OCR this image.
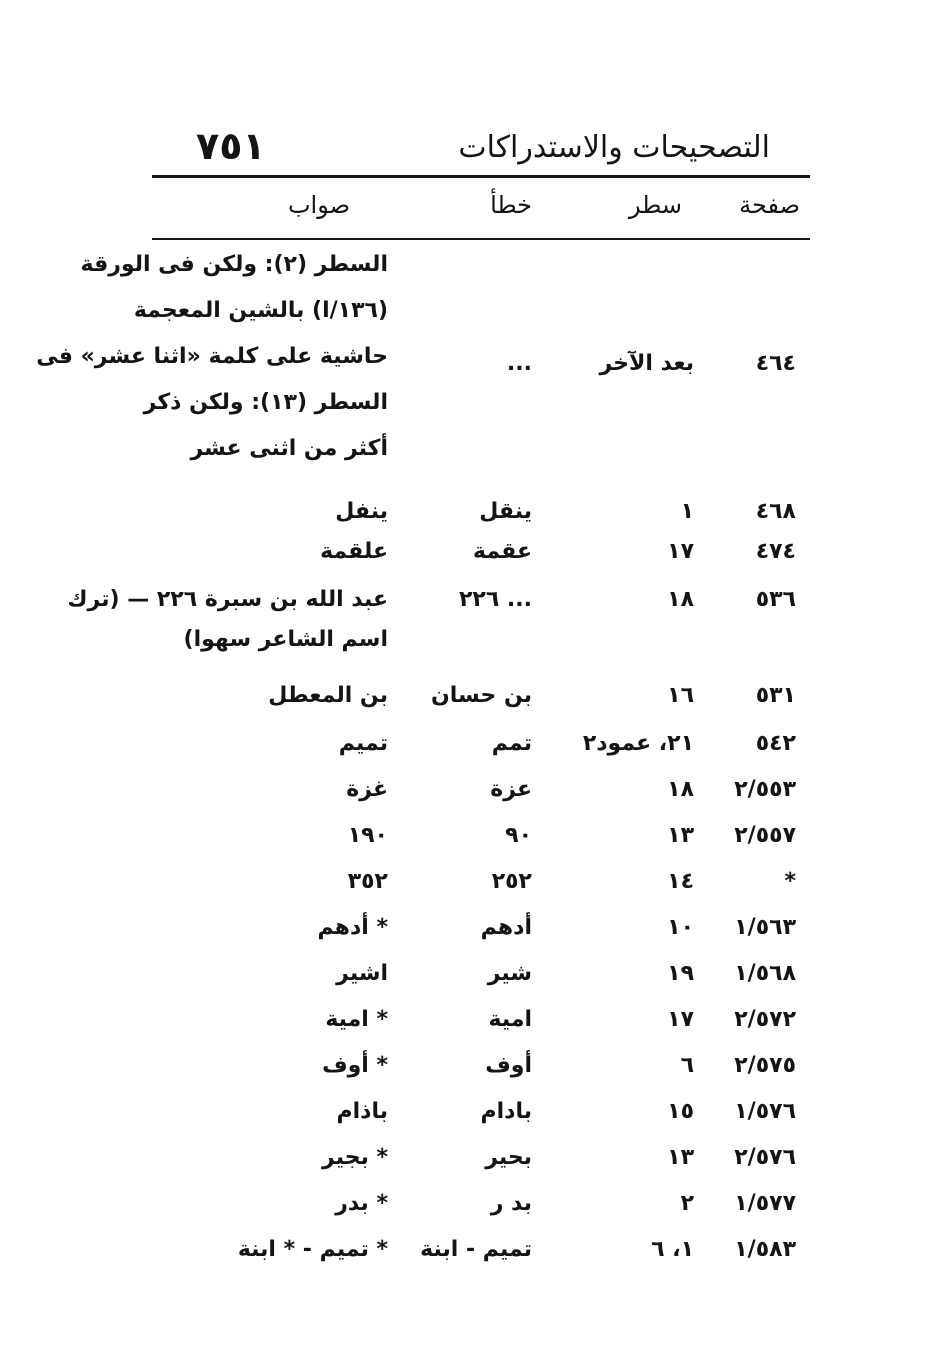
٧٥١	التصحيحات والاستدراكات
صفحة
سطر
خطأ
صواب
السطر (٢): ولكن فى الورقة
(١٣٦/ا) بالشين المعجمة
حاشية على كلمة «اثنا عشر» فى
السطر (١٣): ولكن ذكر
أكثر من اثنى عشر
٤٦٤
بعد الآخر
...
٤٦٨
١
ينقل
ينفل
٤٧٤
١٧
عقمة
علقمة
٥٣٦
١٨
... ٢٢٦
عبد الله بن سبرة ٢٢٦ — (ترك
اسم الشاعر سهوا)
٥٣١
١٦
بن حسان
بن المعطل
٥٤٢
٢١، عمود٢
تمم
تميم
٢/٥٥٣
١٨
عزة
غزة
٢/٥٥٧
١٣
٩٠
١٩٠
*
١٤
٢٥٢
٣٥٢
١/٥٦٣
١٠
أدهم
* أدهم
١/٥٦٨
١٩
شير
اشير
٢/٥٧٢
١٧
امية
* امية
٢/٥٧٥
٦
أوف
* أوف
١/٥٧٦
١٥
بادام
باذام
٢/٥٧٦
١٣
بحير
* بجير
١/٥٧٧
٢
بد ر
* بدر
١/٥٨٣
١، ٦
تميم - ابنة
* تميم - * ابنة
